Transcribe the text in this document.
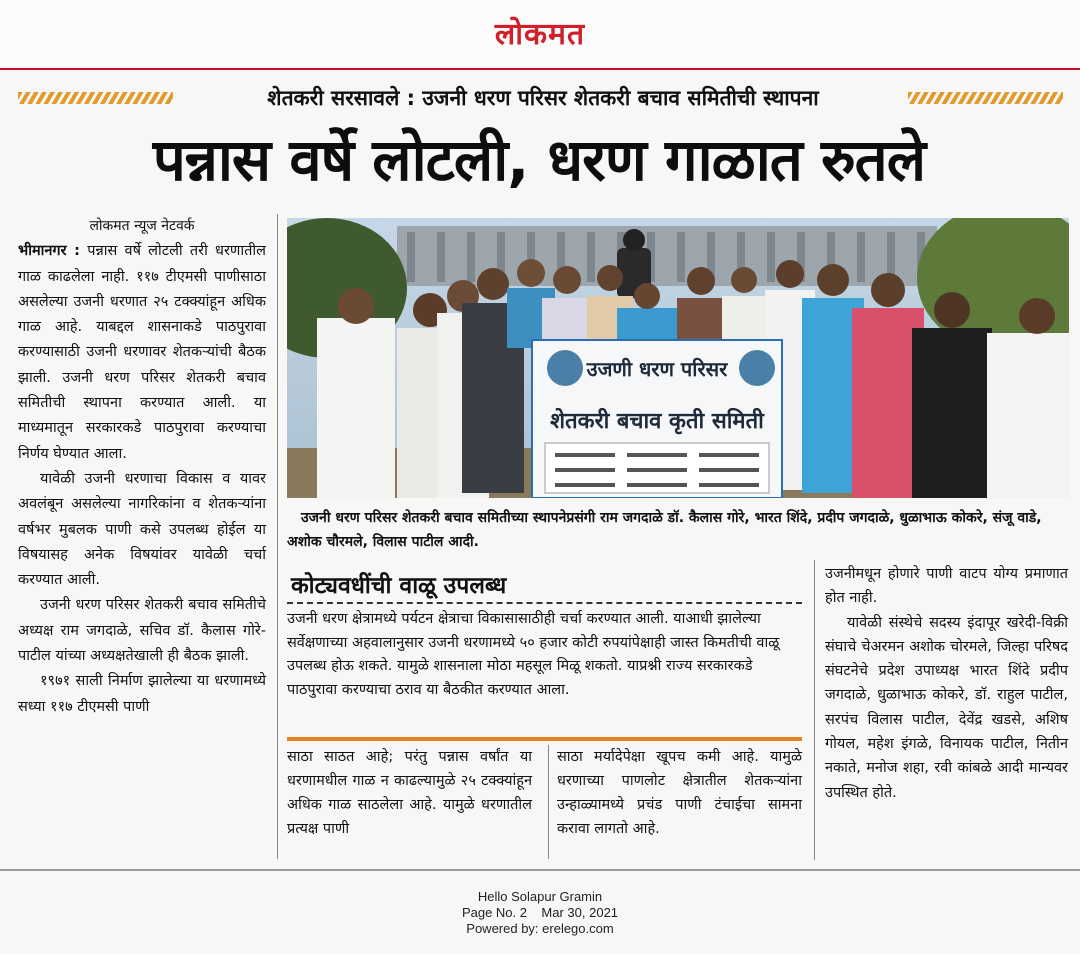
लोकमत
शेतकरी सरसावले : उजनी धरण परिसर शेतकरी बचाव समितीची स्थापना
पन्नास वर्षे लोटली, धरण गाळात रुतले
लोकमत न्यूज नेटवर्क

भीमानगर : पन्नास वर्षे लोटली तरी धरणातील गाळ काढलेला नाही. ११७ टीएमसी पाणीसाठा असलेल्या उजनी धरणात २५ टक्क्यांहून अधिक गाळ आहे. याबद्दल शासनाकडे पाठपुरावा करण्यासाठी उजनी धरणावर शेतकऱ्यांची बैठक झाली. उजनी धरण परिसर शेतकरी बचाव समितीची स्थापना करण्यात आली. या माध्यमातून सरकारकडे पाठपुरावा करण्याचा निर्णय घेण्यात आला.

यावेळी उजनी धरणाचा विकास व यावर अवलंबून असलेल्या नागरिकांना व शेतकऱ्यांना वर्षभर मुबलक पाणी कसे उपलब्ध होईल या विषयासह अनेक विषयांवर यावेळी चर्चा करण्यात आली.

उजनी धरण परिसर शेतकरी बचाव समितीचे अध्यक्ष राम जगदाळे, सचिव डॉ. कैलास गोरे-पाटील यांच्या अध्यक्षतेखाली ही बैठक झाली.

१९७१ साली निर्माण झालेल्या या धरणामध्ये सध्या ११७ टीएमसी पाणी

उजणी धरण परिसर
शेतकरी बचाव कृती समिती
उजनी धरण परिसर शेतकरी बचाव समितीच्या स्थापनेप्रसंगी राम जगदाळे डॉ. कैलास गोरे, भारत शिंदे, प्रदीप जगदाळे, धुळाभाऊ कोकरे, संजू वाडे, अशोक चौरमले, विलास पाटील आदी.
कोट्यवधींची वाळू उपलब्ध
उजनी धरण क्षेत्रामध्ये पर्यटन क्षेत्राचा विकासासाठीही चर्चा करण्यात आली. याआधी झालेल्या सर्वेक्षणाच्या अहवालानुसार उजनी धरणामध्ये ५० हजार कोटी रुपयांपेक्षाही जास्त किमतीची वाळू उपलब्ध होऊ शकते. यामुळे शासनाला मोठा महसूल मिळू शकतो. याप्रश्नी राज्य सरकारकडे पाठपुरावा करण्याचा ठराव या बैठकीत करण्यात आला.
साठा साठत आहे; परंतु पन्नास वर्षांत या धरणामधील गाळ न काढल्यामुळे २५ टक्क्यांहून अधिक गाळ साठलेला आहे. यामुळे धरणातील प्रत्यक्ष पाणी
साठा मर्यादेपेक्षा खूपच कमी आहे. यामुळे धरणाच्या पाणलोट क्षेत्रातील शेतकऱ्यांना उन्हाळ्यामध्ये प्रचंड पाणी टंचाईचा सामना करावा लागतो आहे.

उजनीमधून होणारे पाणी वाटप योग्य प्रमाणात होत नाही.

यावेळी संस्थेचे सदस्य इंदापूर खरेदी-विक्री संघाचे चेअरमन अशोक चोरमले, जिल्हा परिषद संघटनेचे प्रदेश उपाध्यक्ष भारत शिंदे प्रदीप जगदाळे, धुळाभाऊ कोकरे, डॉ. राहुल पाटील, सरपंच विलास पाटील, देवेंद्र खडसे, अशिष गोयल, महेश इंगळे, विनायक पाटील, नितीन नकाते, मनोज शहा, रवी कांबळे आदी मान्यवर उपस्थित होते.

Hello Solapur Gramin
Page No. 2    Mar 30, 2021
Powered by: erelego.com
